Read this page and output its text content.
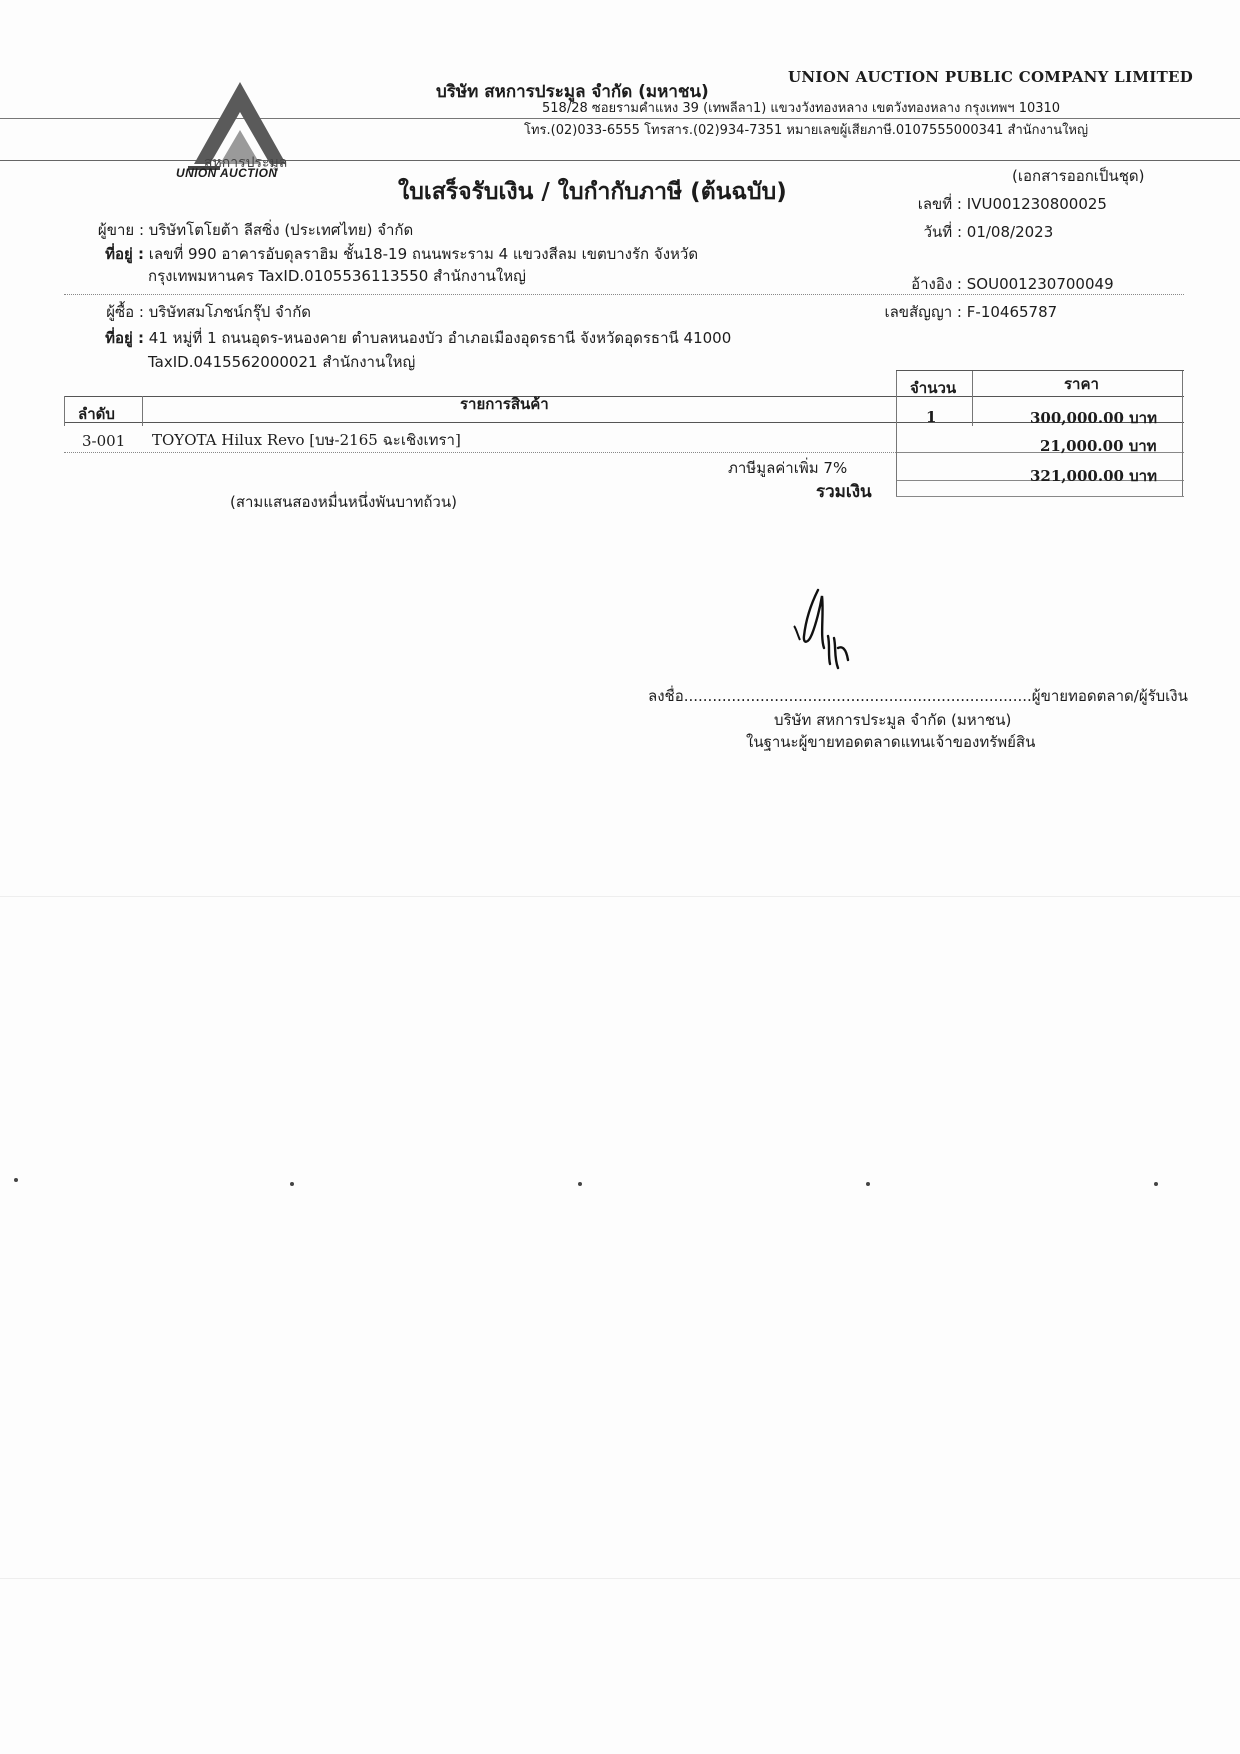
สหการประมูล
UNION AUCTION
บริษัท สหการประมูล จำกัด (มหาชน)
UNION AUCTION PUBLIC COMPANY LIMITED
518/28 ซอยรามคำแหง 39 (เทพลีลา1) แขวงวังทองหลาง เขตวังทองหลาง กรุงเทพฯ 10310
โทร.(02)033-6555 โทรสาร.(02)934-7351 หมายเลขผู้เสียภาษี.0107555000341 สำนักงานใหญ่
(เอกสารออกเป็นชุด)
ใบเสร็จรับเงิน / ใบกำกับภาษี (ต้นฉบับ)
ผู้ขาย : บริษัทโตโยต้า ลีสซิ่ง (ประเทศไทย) จำกัด
ที่อยู่ : เลขที่ 990 อาคารอับดุลราฮิม ชั้น18-19 ถนนพระราม 4 แขวงสีลม เขตบางรัก จังหวัด
กรุงเทพมหานคร TaxID.0105536113550 สำนักงานใหญ่
ผู้ซื้อ : บริษัทสมโภชน์กรุ๊ป จำกัด
ที่อยู่ : 41 หมู่ที่ 1 ถนนอุดร-หนองคาย ตำบลหนองบัว อำเภอเมืองอุดรธานี จังหวัดอุดรธานี 41000
TaxID.0415562000021 สำนักงานใหญ่
เลขที่ : IVU001230800025
วันที่ : 01/08/2023
อ้างอิง : SOU001230700049
เลขสัญญา : F-10465787
ลำดับ
รายการสินค้า
จำนวน	ราคา
3-001 TOYOTA Hilux Revo [บษ-2165 ฉะเชิงเทรา]
1	300,000.00 บาท
ภาษีมูลค่าเพิ่ม 7%
21,000.00 บาท
รวมเงิน
321,000.00 บาท
(สามแสนสองหมื่นหนึ่งพันบาทถ้วน)
ลงชื่อ.........................................................................ผู้ขายทอดตลาด/ผู้รับเงิน
บริษัท สหการประมูล จำกัด (มหาชน)
ในฐานะผู้ขายทอดตลาดแทนเจ้าของทรัพย์สิน
